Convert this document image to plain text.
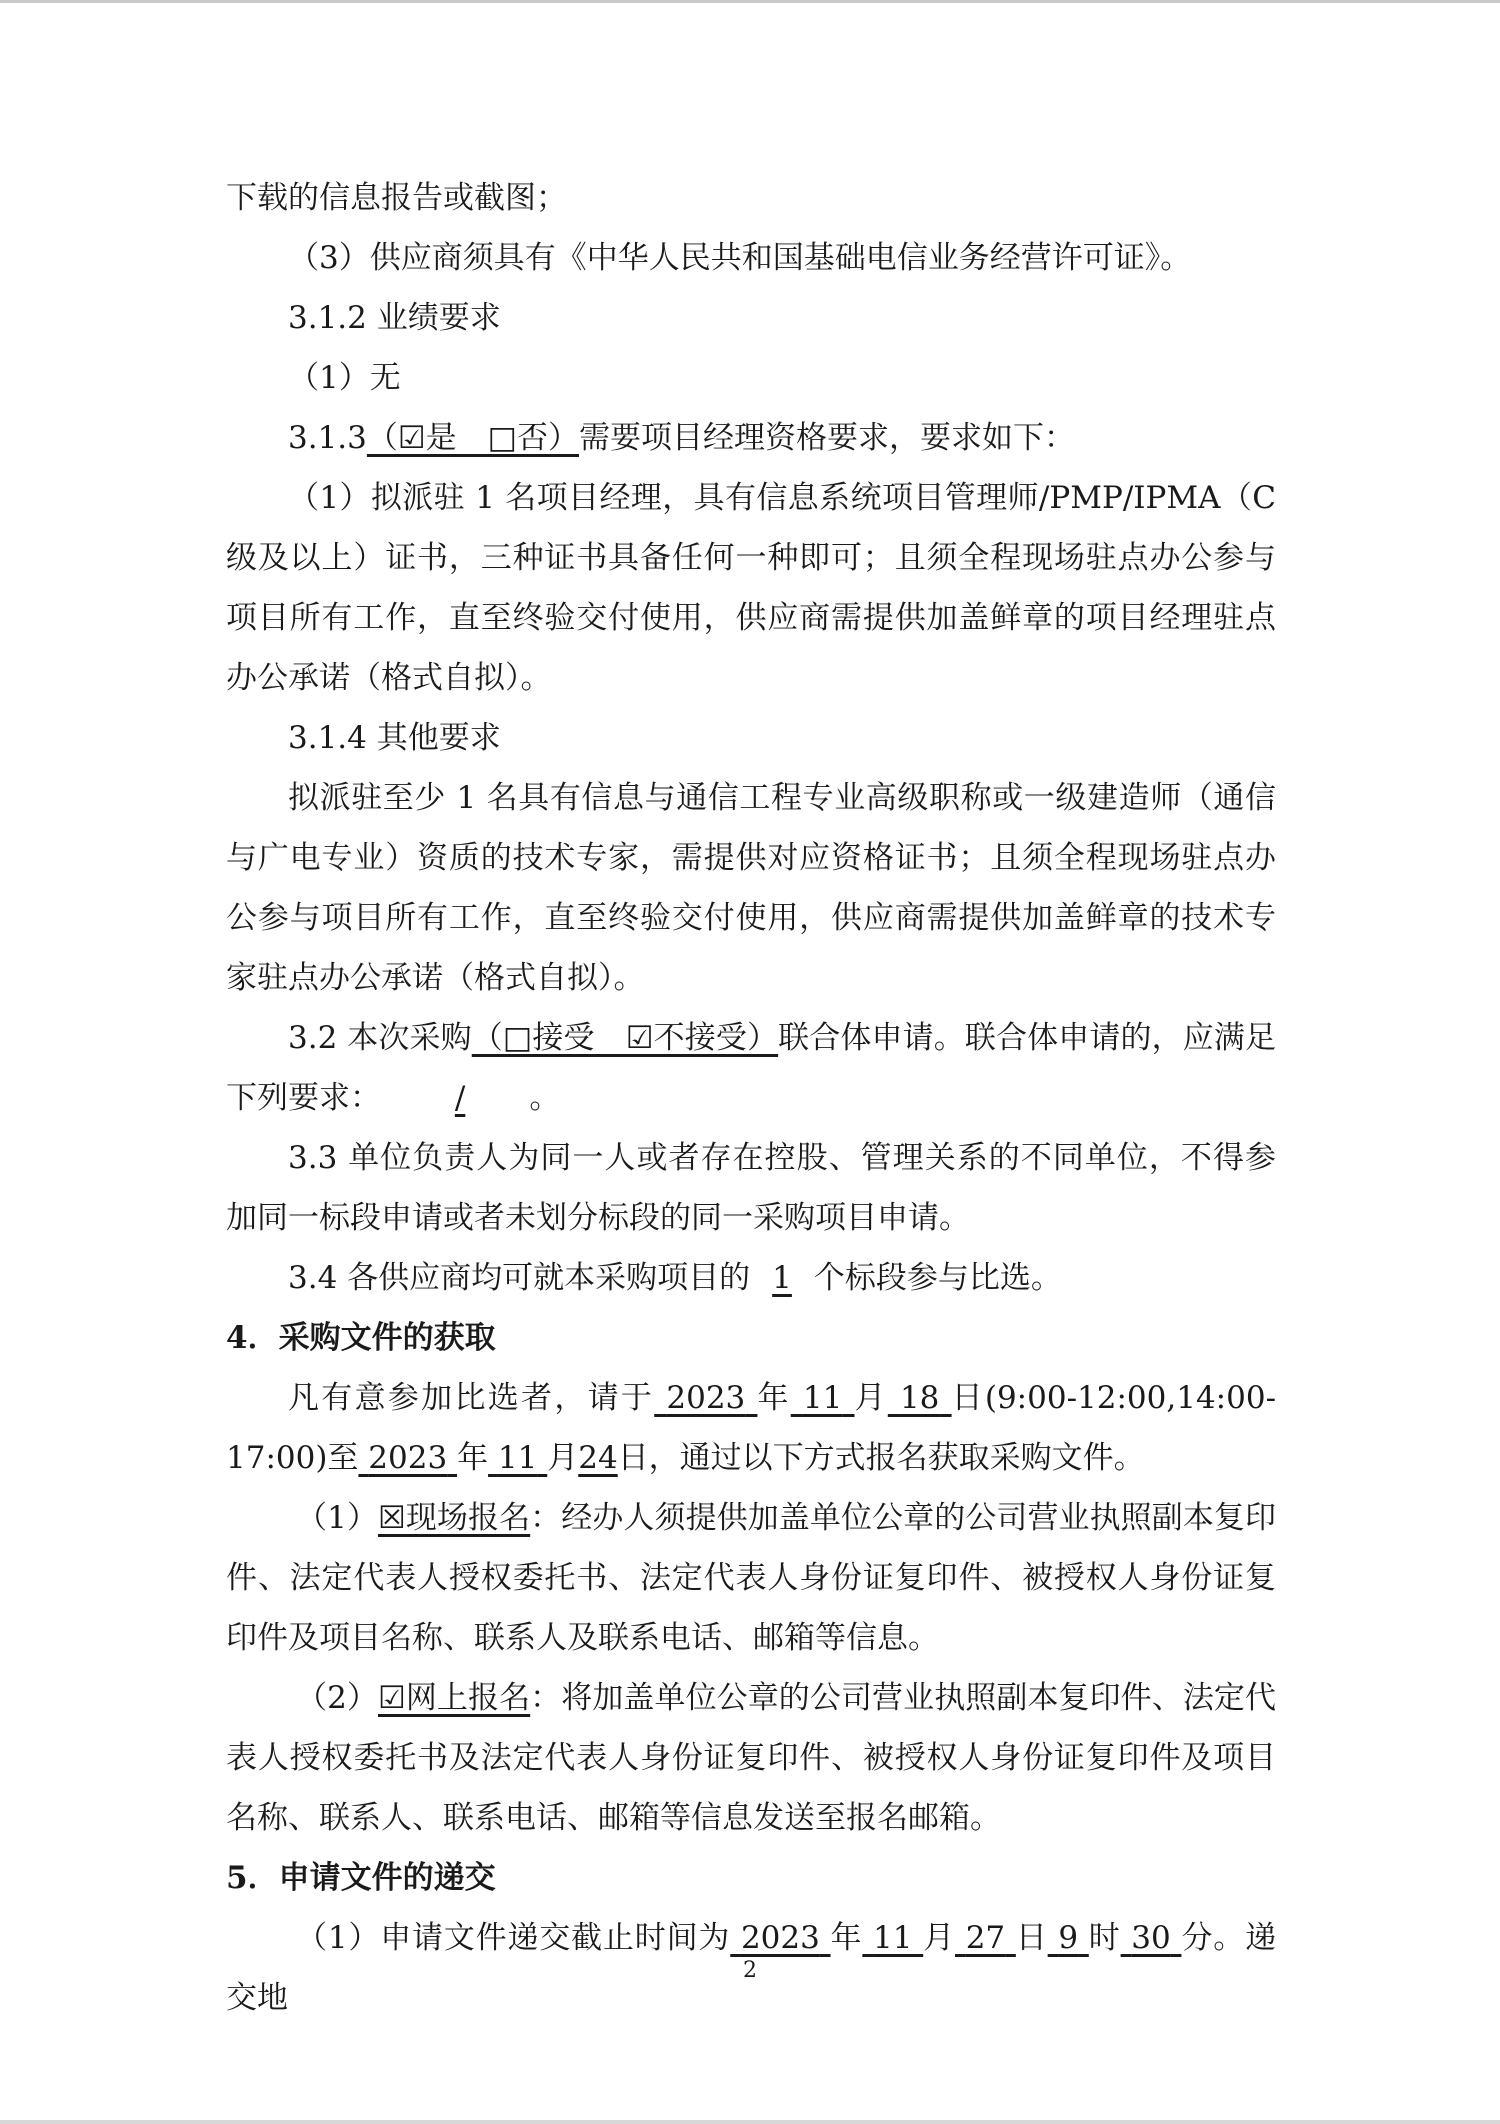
下载的信息报告或截图；

（3）供应商须具有《中华人民共和国基础电信业务经营许可证》。

3.1.2 业绩要求

（1）无

3.1.3（☑是　□否）需要项目经理资格要求，要求如下：

（1）拟派驻 1 名项目经理，具有信息系统项目管理师/PMP/IPMA（C 级及以上）证书，三种证书具备任何一种即可；且须全程现场驻点办公参与项目所有工作，直至终验交付使用，供应商需提供加盖鲜章的项目经理驻点办公承诺（格式自拟）。

3.1.4 其他要求

拟派驻至少 1 名具有信息与通信工程专业高级职称或一级建造师（通信与广电专业）资质的技术专家，需提供对应资格证书；且须全程现场驻点办公参与项目所有工作，直至终验交付使用，供应商需提供加盖鲜章的技术专家驻点办公承诺（格式自拟）。

3.2 本次采购（□接受　☑不接受）联合体申请。联合体申请的，应满足下列要求： / 。

3.3 单位负责人为同一人或者存在控股、管理关系的不同单位，不得参加同一标段申请或者未划分标段的同一采购项目申请。

3.4 各供应商均可就本采购项目的 1 个标段参与比选。

4．采购文件的获取

凡有意参加比选者，请于 2023 年 11 月 18 日(9:00-12:00,14:00-17:00)至 2023 年 11 月24日，通过以下方式报名获取采购文件。

（1）☒现场报名：经办人须提供加盖单位公章的公司营业执照副本复印件、法定代表人授权委托书、法定代表人身份证复印件、被授权人身份证复印件及项目名称、联系人及联系电话、邮箱等信息。

（2）☑网上报名：将加盖单位公章的公司营业执照副本复印件、法定代表人授权委托书及法定代表人身份证复印件、被授权人身份证复印件及项目名称、联系人、联系电话、邮箱等信息发送至报名邮箱。

5．申请文件的递交

（1）申请文件递交截止时间为 2023 年 11 月 27 日 9 时 30 分。递交地

2
